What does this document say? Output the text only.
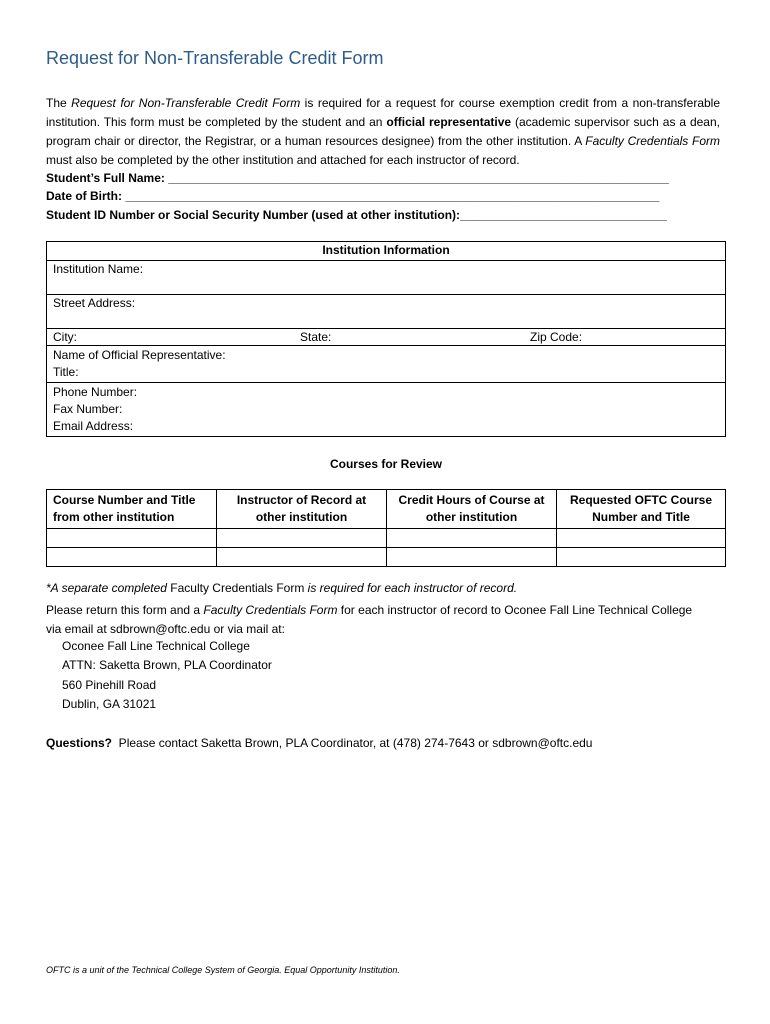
Request for Non-Transferable Credit Form
The Request for Non-Transferable Credit Form is required for a request for course exemption credit from a non-transferable institution. This form must be completed by the student and an official representative (academic supervisor such as a dean, program chair or director, the Registrar, or a human resources designee) from the other institution. A Faculty Credentials Form must also be completed by the other institution and attached for each instructor of record.
Student’s Full Name: ___________________________________________________________________________
Date of Birth: ________________________________________________________________________________
Student ID Number or Social Security Number (used at other institution):_______________________________
Institution Information
Institution Name:
Street Address:

City:	State:	Zip Code:

Name of Official Representative:
Title:

Phone Number:
Fax Number:
Email Address:
Courses for Review
Course Number and Title from other institution	Instructor of Record at other institution	Credit Hours of Course at other institution	Requested OFTC Course Number and Title

*A separate completed Faculty Credentials Form is required for each instructor of record.
Please return this form and a Faculty Credentials Form for each instructor of record to Oconee Fall Line Technical College
via email at sdbrown@oftc.edu or via mail at:
Oconee Fall Line Technical College
ATTN: Saketta Brown, PLA Coordinator
560 Pinehill Road
Dublin, GA 31021
Questions?  Please contact Saketta Brown, PLA Coordinator, at (478) 274-7643 or sdbrown@oftc.edu
OFTC is a unit of the Technical College System of Georgia. Equal Opportunity Institution.
